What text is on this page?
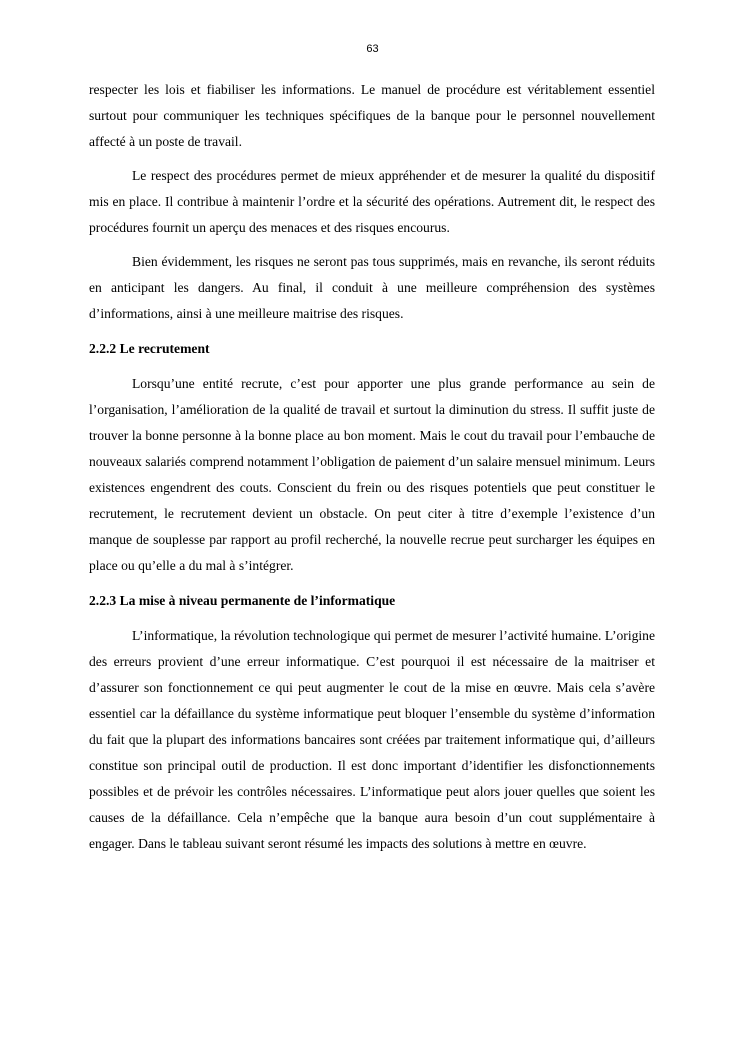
63

respecter les lois et fiabiliser les informations. Le manuel de procédure est véritablement essentiel surtout pour communiquer les techniques spécifiques de la banque pour le personnel nouvellement affecté à un poste de travail.

Le respect des procédures permet de mieux appréhender et de mesurer la qualité du dispositif mis en place. Il contribue à maintenir l’ordre et la sécurité des opérations. Autrement dit, le respect des procédures fournit un aperçu des menaces et des risques encourus.

Bien évidemment, les risques ne seront pas tous supprimés, mais en revanche, ils seront réduits en anticipant les dangers. Au final, il conduit à une meilleure compréhension des systèmes d’informations, ainsi à une meilleure maitrise des risques.

2.2.2 Le recrutement

Lorsqu’une entité recrute, c’est pour apporter une plus grande performance au sein de l’organisation, l’amélioration de la qualité de travail et surtout la diminution du stress. Il suffit juste de trouver la bonne personne à la bonne place au bon moment. Mais le cout du travail pour l’embauche de nouveaux salariés comprend notamment l’obligation de paiement d’un salaire mensuel minimum. Leurs existences engendrent des couts. Conscient du frein ou des risques potentiels que peut constituer le recrutement, le recrutement devient un obstacle. On peut citer à titre d’exemple l’existence d’un manque de souplesse par rapport au profil recherché, la nouvelle recrue peut surcharger les équipes en place ou qu’elle a du mal à s’intégrer.

2.2.3 La mise à niveau permanente de l’informatique

L’informatique, la révolution technologique qui permet de mesurer l’activité humaine. L’origine des erreurs provient d’une erreur informatique. C’est pourquoi il est nécessaire de la maitriser et d’assurer son fonctionnement ce qui peut augmenter le cout de la mise en œuvre. Mais cela s’avère essentiel car la défaillance du système informatique peut bloquer l’ensemble du système d’information du fait que la plupart des informations bancaires sont créées par traitement informatique qui, d’ailleurs constitue son principal outil de production. Il est donc important d’identifier les disfonctionnements possibles et de prévoir les contrôles nécessaires. L’informatique peut alors jouer quelles que soient les causes de la défaillance. Cela n’empêche que la banque aura besoin d’un cout supplémentaire à engager. Dans le tableau suivant seront résumé les impacts des solutions à mettre en œuvre.
